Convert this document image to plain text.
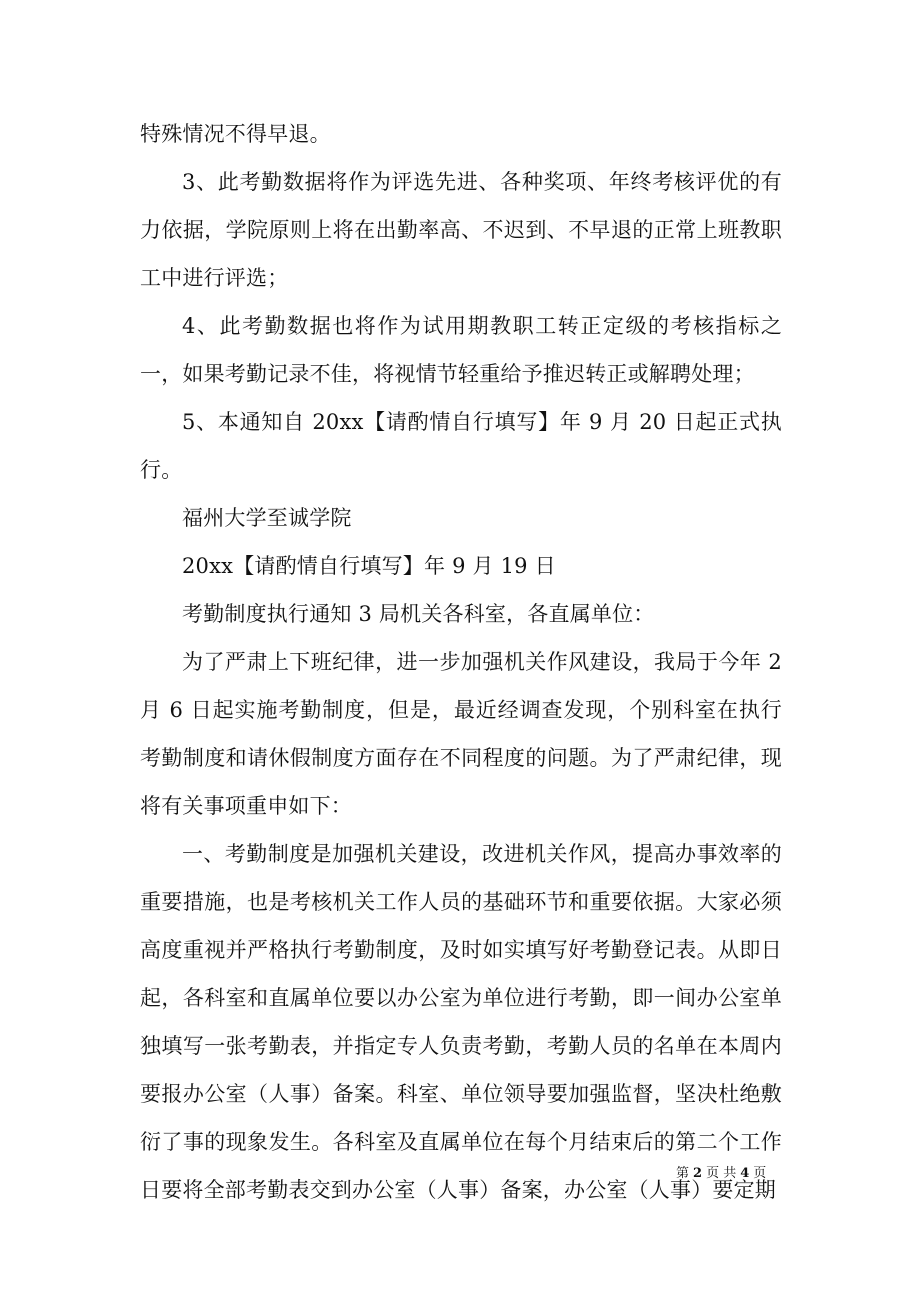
特殊情况不得早退。

3、此考勤数据将作为评选先进、各种奖项、年终考核评优的有力依据，学院原则上将在出勤率高、不迟到、不早退的正常上班教职工中进行评选；

4、此考勤数据也将作为试用期教职工转正定级的考核指标之一，如果考勤记录不佳，将视情节轻重给予推迟转正或解聘处理；

5、本通知自 20xx【请酌情自行填写】年 9 月 20 日起正式执行。

福州大学至诚学院

20xx【请酌情自行填写】年 9 月 19 日

考勤制度执行通知 3 局机关各科室，各直属单位：

为了严肃上下班纪律，进一步加强机关作风建设，我局于今年 2 月 6 日起实施考勤制度，但是，最近经调查发现，个别科室在执行考勤制度和请休假制度方面存在不同程度的问题。为了严肃纪律，现将有关事项重申如下：

一、考勤制度是加强机关建设，改进机关作风，提高办事效率的重要措施，也是考核机关工作人员的基础环节和重要依据。大家必须高度重视并严格执行考勤制度，及时如实填写好考勤登记表。从即日起，各科室和直属单位要以办公室为单位进行考勤，即一间办公室单独填写一张考勤表，并指定专人负责考勤，考勤人员的名单在本周内要报办公室（人事）备案。科室、单位领导要加强监督，坚决杜绝敷衍了事的现象发生。各科室及直属单位在每个月结束后的第二个工作日要将全部考勤表交到办公室（人事）备案，办公室（人事）要定期

第 2 页 共 4 页
